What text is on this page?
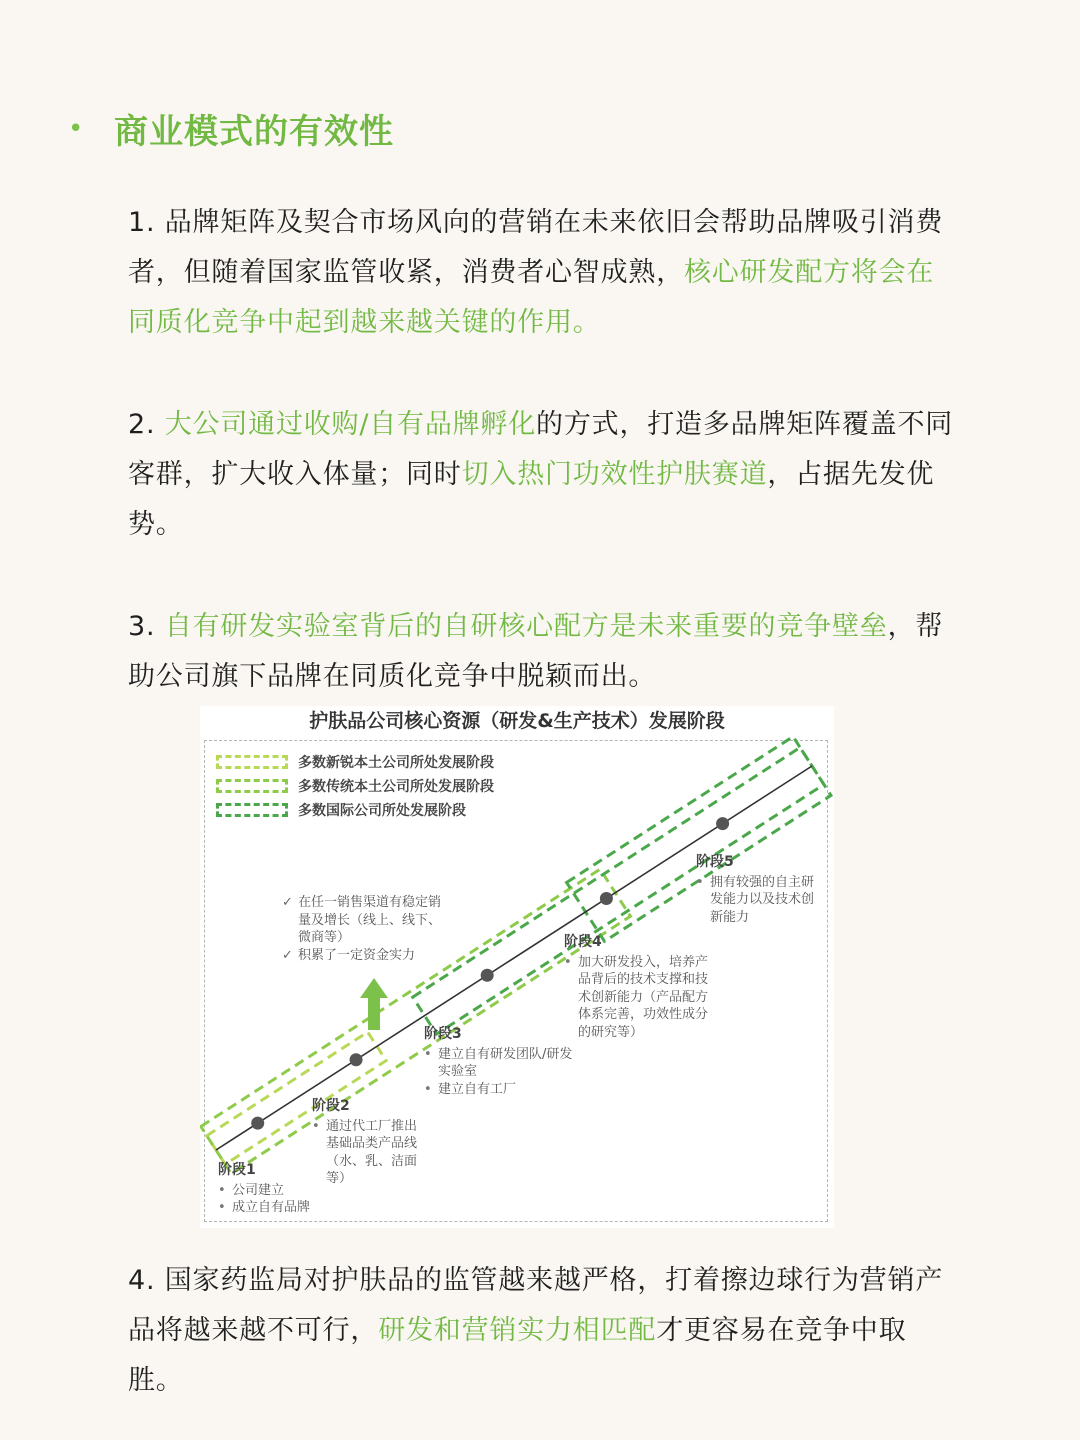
• 商业模式的有效性
1. 品牌矩阵及契合市场风向的营销在未来依旧会帮助品牌吸引消费者，但随着国家监管收紧，消费者心智成熟，核心研发配方将会在同质化竞争中起到越来越关键的作用。
2. 大公司通过收购/自有品牌孵化的方式，打造多品牌矩阵覆盖不同客群，扩大收入体量；同时切入热门功效性护肤赛道，占据先发优势。
3. 自有研发实验室背后的自研核心配方是未来重要的竞争壁垒，帮助公司旗下品牌在同质化竞争中脱颖而出。
护肤品公司核心资源（研发&生产技术）发展阶段
多数新锐本土公司所处发展阶段
多数传统本土公司所处发展阶段
多数国际公司所处发展阶段
✓ 在任一销售渠道有稳定销量及增长（线上、线下、微商等）
✓ 积累了一定资金实力
阶段1
• 公司建立
• 成立自有品牌
阶段2
• 通过代工厂推出基础品类产品线（水、乳、洁面等）
阶段3
• 建立自有研发团队/研发实验室
• 建立自有工厂
阶段4
• 加大研发投入，培养产品背后的技术支撑和技术创新能力（产品配方体系完善，功效性成分的研究等）
阶段5
• 拥有较强的自主研发能力以及技术创新能力
4. 国家药监局对护肤品的监管越来越严格，打着擦边球行为营销产品将越来越不可行，研发和营销实力相匹配才更容易在竞争中取胜。
